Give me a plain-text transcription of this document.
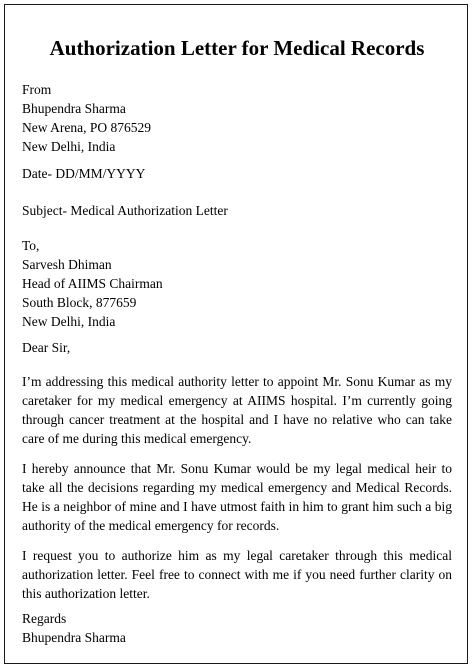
Authorization Letter for Medical Records
From
Bhupendra Sharma
New Arena, PO 876529
New Delhi, India
Date- DD/MM/YYYY
Subject- Medical Authorization Letter
To,
Sarvesh Dhiman
Head of AIIMS Chairman
South Block, 877659
New Delhi, India
Dear Sir,

I’m addressing this medical authority letter to appoint Mr. Sonu Kumar as my caretaker for my medical emergency at AIIMS hospital. I’m currently going through cancer treatment at the hospital and I have no relative who can take care of me during this medical emergency.

I hereby announce that Mr. Sonu Kumar would be my legal medical heir to take all the decisions regarding my medical emergency and Medical Records. He is a neighbor of mine and I have utmost faith in him to grant him such a big authority of the medical emergency for records.

I request you to authorize him as my legal caretaker through this medical authorization letter. Feel free to connect with me if you need further clarity on this authorization letter.

Regards
Bhupendra Sharma
